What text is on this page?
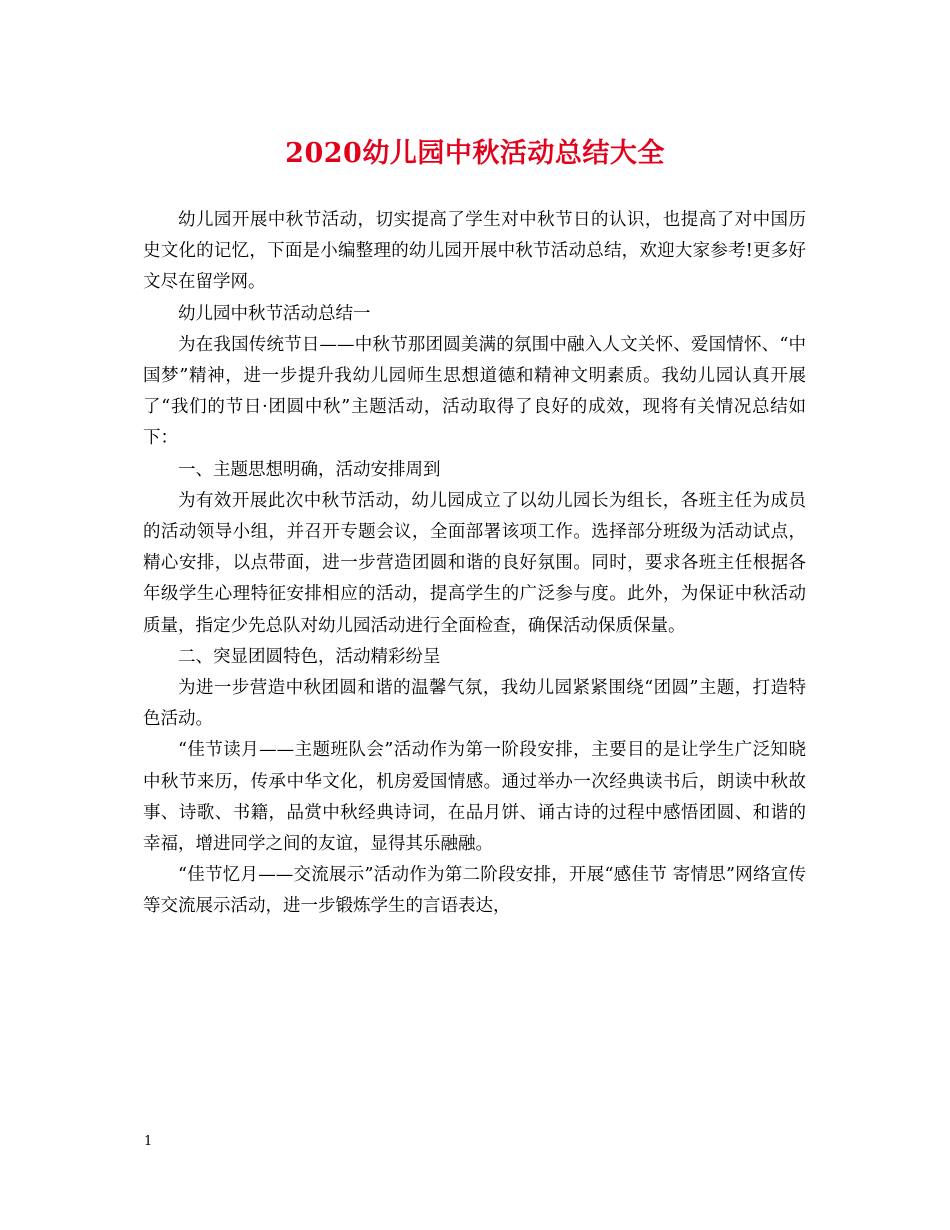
2020幼儿园中秋活动总结大全

幼儿园开展中秋节活动，切实提高了学生对中秋节日的认识，也提高了对中国历史文化的记忆，下面是小编整理的幼儿园开展中秋节活动总结，欢迎大家参考!更多好文尽在留学网。

幼儿园中秋节活动总结一

为在我国传统节日——中秋节那团圆美满的氛围中融入人文关怀、爱国情怀、“中国梦”精神，进一步提升我幼儿园师生思想道德和精神文明素质。我幼儿园认真开展了“我们的节日·团圆中秋”主题活动，活动取得了良好的成效，现将有关情况总结如下：

一、主题思想明确，活动安排周到

为有效开展此次中秋节活动，幼儿园成立了以幼儿园长为组长，各班主任为成员的活动领导小组，并召开专题会议，全面部署该项工作。选择部分班级为活动试点，精心安排，以点带面，进一步营造团圆和谐的良好氛围。同时，要求各班主任根据各年级学生心理特征安排相应的活动，提高学生的广泛参与度。此外，为保证中秋活动质量，指定少先总队对幼儿园活动进行全面检查，确保活动保质保量。

二、突显团圆特色，活动精彩纷呈

为进一步营造中秋团圆和谐的温馨气氛，我幼儿园紧紧围绕“团圆”主题，打造特色活动。

“佳节读月——主题班队会”活动作为第一阶段安排，主要目的是让学生广泛知晓中秋节来历，传承中华文化，机房爱国情感。通过举办一次经典读书后，朗读中秋故事、诗歌、书籍，品赏中秋经典诗词，在品月饼、诵古诗的过程中感悟团圆、和谐的幸福，增进同学之间的友谊，显得其乐融融。

“佳节忆月——交流展示”活动作为第二阶段安排，开展“感佳节 寄情思”网络宣传等交流展示活动，进一步锻炼学生的言语表达，

1
